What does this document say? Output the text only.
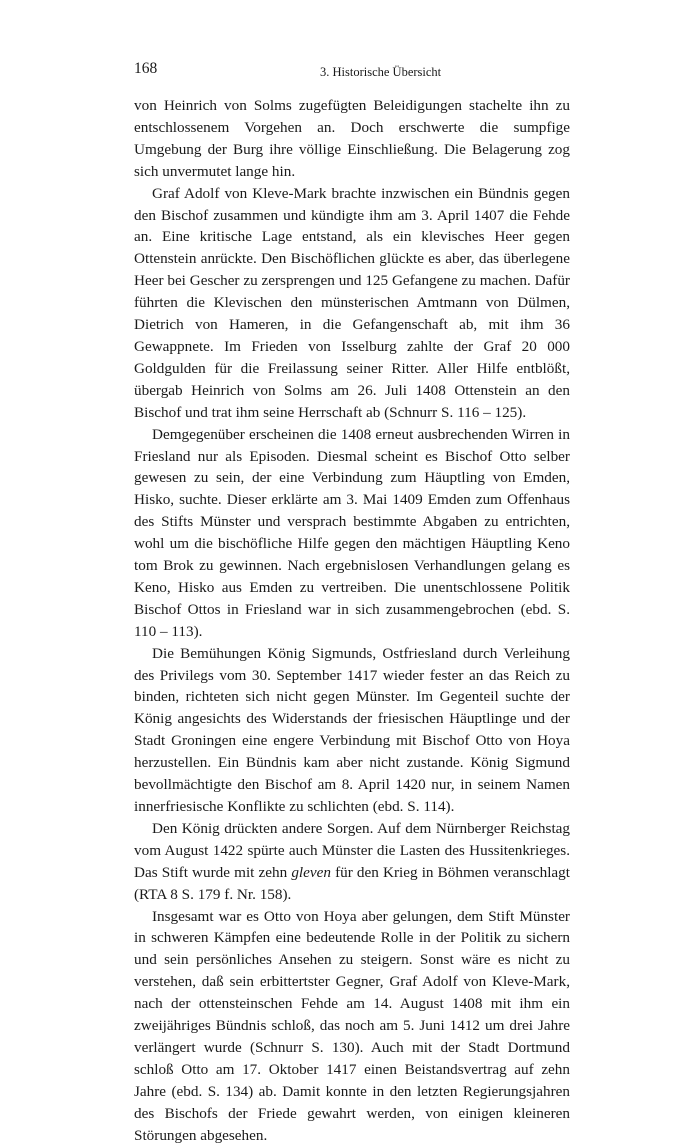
168	3. Historische Übersicht

von Heinrich von Solms zugefügten Beleidigungen stachelte ihn zu entschlossenem Vorgehen an. Doch erschwerte die sumpfige Umgebung der Burg ihre völlige Einschließung. Die Belagerung zog sich unvermutet lange hin.

Graf Adolf von Kleve-Mark brachte inzwischen ein Bündnis gegen den Bischof zusammen und kündigte ihm am 3. April 1407 die Fehde an. Eine kritische Lage entstand, als ein klevisches Heer gegen Ottenstein anrückte. Den Bischöflichen glückte es aber, das überlegene Heer bei Gescher zu zersprengen und 125 Gefangene zu machen. Dafür führten die Klevischen den münsterischen Amtmann von Dülmen, Dietrich von Hameren, in die Gefangenschaft ab, mit ihm 36 Gewappnete. Im Frieden von Isselburg zahlte der Graf 20 000 Goldgulden für die Freilassung seiner Ritter. Aller Hilfe entblößt, übergab Heinrich von Solms am 26. Juli 1408 Ottenstein an den Bischof und trat ihm seine Herrschaft ab (Schnurr S. 116 – 125).

Demgegenüber erscheinen die 1408 erneut ausbrechenden Wirren in Friesland nur als Episoden. Diesmal scheint es Bischof Otto selber gewesen zu sein, der eine Verbindung zum Häuptling von Emden, Hisko, suchte. Dieser erklärte am 3. Mai 1409 Emden zum Offenhaus des Stifts Münster und versprach bestimmte Abgaben zu entrichten, wohl um die bischöfliche Hilfe gegen den mächtigen Häuptling Keno tom Brok zu gewinnen. Nach ergebnislosen Verhandlungen gelang es Keno, Hisko aus Emden zu vertreiben. Die unentschlossene Politik Bischof Ottos in Friesland war in sich zusammengebrochen (ebd. S. 110 – 113).

Die Bemühungen König Sigmunds, Ostfriesland durch Verleihung des Privilegs vom 30. September 1417 wieder fester an das Reich zu binden, richteten sich nicht gegen Münster. Im Gegenteil suchte der König angesichts des Widerstands der friesischen Häuptlinge und der Stadt Groningen eine engere Verbindung mit Bischof Otto von Hoya herzustellen. Ein Bündnis kam aber nicht zustande. König Sigmund bevollmächtigte den Bischof am 8. April 1420 nur, in seinem Namen innerfriesische Konflikte zu schlichten (ebd. S. 114).

Den König drückten andere Sorgen. Auf dem Nürnberger Reichstag vom August 1422 spürte auch Münster die Lasten des Hussitenkrieges. Das Stift wurde mit zehn gleven für den Krieg in Böhmen veranschlagt (RTA 8 S. 179 f. Nr. 158).

Insgesamt war es Otto von Hoya aber gelungen, dem Stift Münster in schweren Kämpfen eine bedeutende Rolle in der Politik zu sichern und sein persönliches Ansehen zu steigern. Sonst wäre es nicht zu verstehen, daß sein erbittertster Gegner, Graf Adolf von Kleve-Mark, nach der ottensteinschen Fehde am 14. August 1408 mit ihm ein zweijähriges Bündnis schloß, das noch am 5. Juni 1412 um drei Jahre verlängert wurde (Schnurr S. 130). Auch mit der Stadt Dortmund schloß Otto am 17. Oktober 1417 einen Beistandsvertrag auf zehn Jahre (ebd. S. 134) ab. Damit konnte in den letzten Regierungsjahren des Bischofs der Friede gewahrt werden, von einigen kleineren Störungen abgesehen.
